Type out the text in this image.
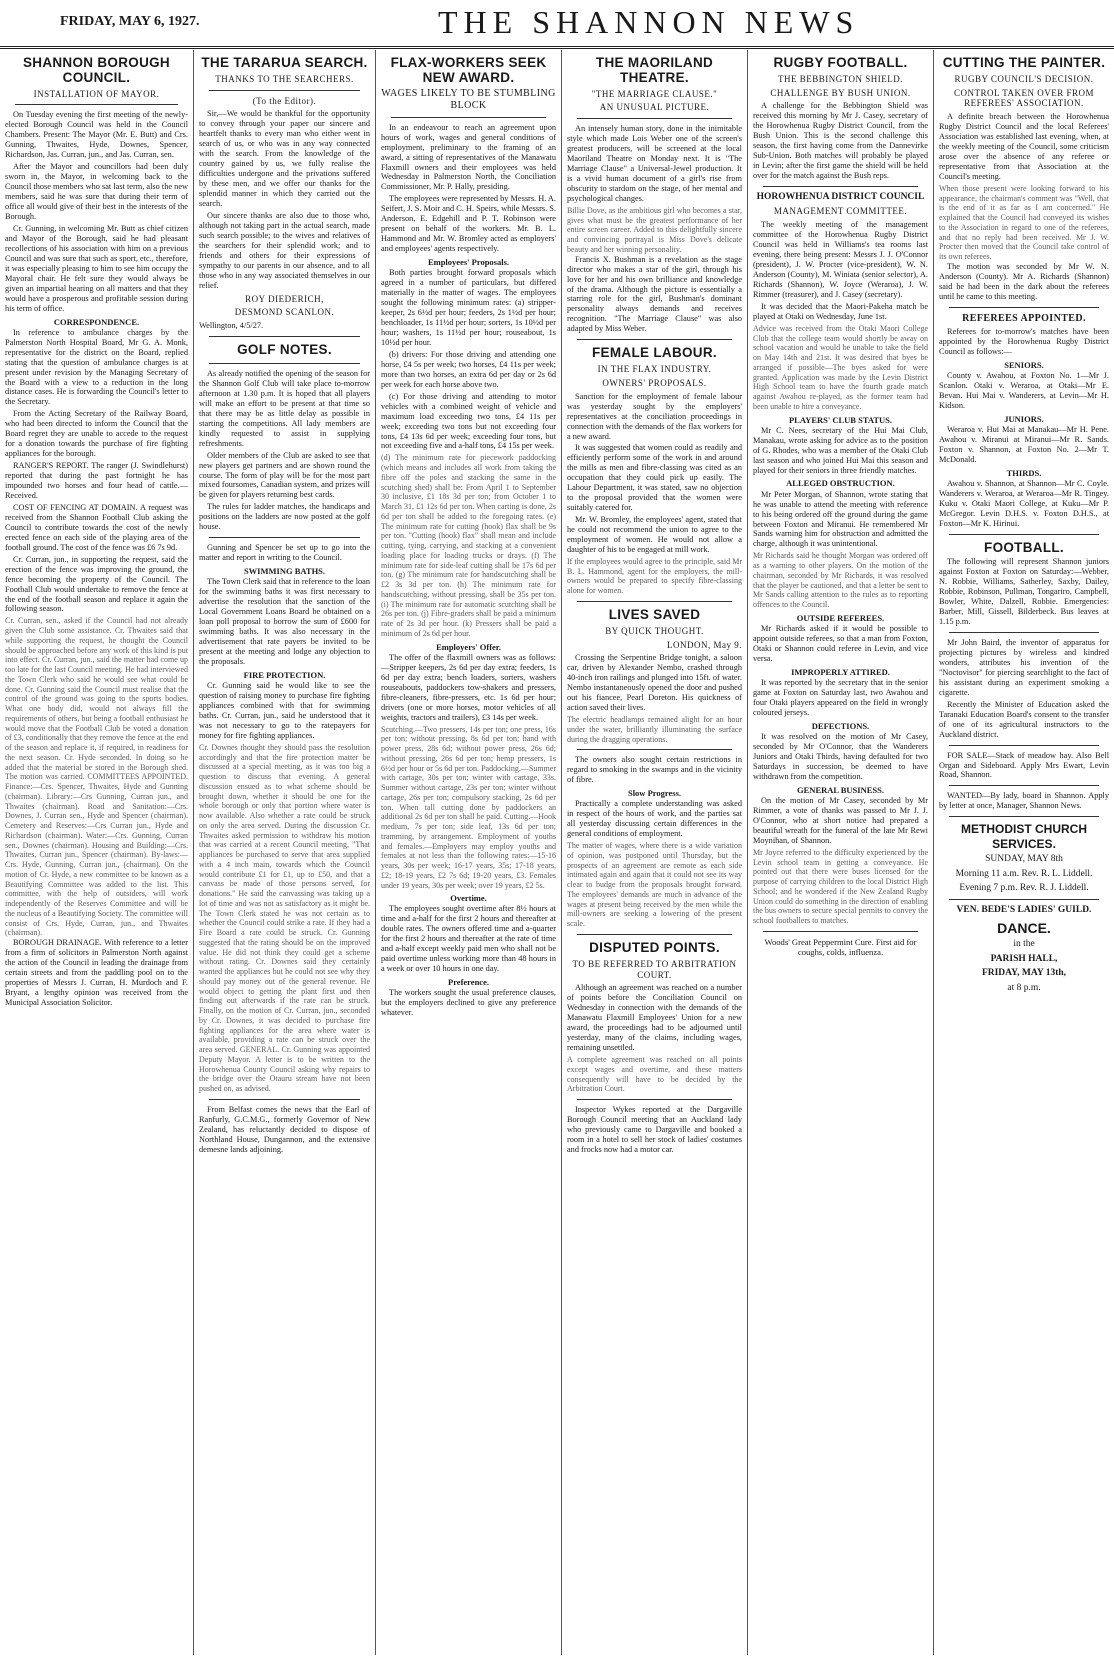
FRIDAY, MAY 6, 1927.	THE SHANNON NEWS
SHANNON BOROUGH COUNCIL.
INSTALLATION OF MAYOR.

On Tuesday evening the first meeting of the newly-elected Borough Council was held in the Council Chambers. Present: The Mayor (Mr. E. Butt) and Crs. Gunning, Thwaites, Hyde, Downes, Spencer, Richardson, Jas. Curran, jun., and Jas. Curran, sen.

After the Mayor and councillors had been duly sworn in, the Mayor, in welcoming back to the Council those members who sat last term, also the new members, said he was sure that during their term of office all would give of their best in the interests of the Borough.

Cr. Gunning, in welcoming Mr. Butt as chief citizen and Mayor of the Borough, said he had pleasant recollections of his association with him on a previous Council and was sure that such as sport, etc., therefore, it was especially pleasing to him to see him occupy the Mayoral chair. He felt sure they would always be given an impartial hearing on all matters and that they would have a prosperous and profitable session during his term of office.

CORRESPONDENCE.

In reference to ambulance charges by the Palmerston North Hospital Board, Mr G. A. Monk, representative for the district on the Board, replied stating that the question of ambulance charges is at present under revision by the Managing Secretary of the Board with a view to a reduction in the long distance cases. He is forwarding the Council's letter to the Secretary.

From the Acting Secretary of the Railway Board, who had been directed to inform the Council that the Board regret they are unable to accede to the request for a donation towards the purchase of fire fighting appliances for the borough.

RANGER'S REPORT. The ranger (J. Swindlehurst) reported that during the past fortnight he has impounded two horses and four head of cattle.—Received.

COST OF FENCING AT DOMAIN. A request was received from the Shannon Football Club asking the Council to contribute towards the cost of the newly erected fence on each side of the playing area of the football ground. The cost of the fence was £6 7s 9d.

Cr. Curran, jun., in supporting the request, said the erection of the fence was improving the ground, the fence becoming the property of the Council. The Football Club would undertake to remove the fence at the end of the football season and replace it again the following season.

Cr. Curran, sen., asked if the Council had not already given the Club some assistance. Cr. Thwaites said that while supporting the request, he thought the Council should be approached before any work of this kind is put into effect. Cr. Curran, jun., said the matter had come up too late for the last Council meeting. He had interviewed the Town Clerk who said he would see what could be done. Cr. Gunning said the Council must realise that the control of the ground was going to the sports bodies. What one body did, would not always fill the requirements of others, but being a football enthusiast he would move that the Football Club be voted a donation of £3, conditionally that they remove the fence at the end of the season and replace it, if required, in readiness for the next season. Cr. Hyde seconded. In doing so he added that the material be stored in the Borough shed. The motion was carried. COMMITTEES APPOINTED. Finance:—Crs. Spencer, Thwaites, Hyde and Gunning (chairman). Library:—Crs Gunning, Curran jun., and Thwaites (chairman). Road and Sanitation:—Crs. Downes, J. Curran sen., Hyde and Spencer (chairman). Cemetery and Reserves:—Crs Curran jun., Hyde and Richardson (chairman). Water:—Crs. Gunning, Curran sen., Downes (chairman). Housing and Building:—Crs. Thwaites, Curran jun., Spencer (chairman). By-laws:—Crs. Hyde, Gunning, Curran jun., (chairman). On the motion of Cr. Hyde, a new committee to be known as a Beautifying Committee was added to the list. This committee, with the help of outsiders, will work independently of the Reserves Committee and will be the nucleus of a Beautifying Society. The committee will consist of Crs. Hyde, Curran, jun., and Thwaites (chairman).

BOROUGH DRAINAGE. With reference to a letter from a firm of solicitors in Palmerston North against the action of the Council in leading the drainage from certain streets and from the paddling pool on to the properties of Messrs J. Curran, H. Murdoch and F. Bryant, a lengthy opinion was received from the Municipal Association Solicitor.

THE TARARUA SEARCH.
THANKS TO THE SEARCHERS.
(To the Editor).

Sir,—We would be thankful for the opportunity to convey through your paper our sincere and heartfelt thanks to every man who either went in search of us, or who was in any way connected with the search. From the knowledge of the country gained by us, we fully realise the difficulties undergone and the privations suffered by these men, and we offer our thanks for the splendid manner in which they carried out the search.

Our sincere thanks are also due to those who, although not taking part in the actual search, made such search possible; to the wives and relatives of the searchers for their splendid work; and to friends and others for their expressions of sympathy to our parents in our absence, and to all those who in any way associated themselves in our relief.

ROY DIEDERICH,
DESMOND SCANLON.
Wellington, 4/5/27.
GOLF NOTES.

As already notified the opening of the season for the Shannon Golf Club will take place to-morrow afternoon at 1.30 p.m. It is hoped that all players will make an effort to be present at that time so that there may be as little delay as possible in starting the competitions. All lady members are kindly requested to assist in supplying refreshments.

Older members of the Club are asked to see that new players get partners and are shown round the course. The form of play will be for the most part mixed foursomes, Canadian system, and prizes will be given for players returning best cards.

The rules for ladder matches, the handicaps and positions on the ladders are now posted at the golf house.

Gunning and Spencer be set up to go into the matter and report in writing to the Council.

SWIMMING BATHS.

The Town Clerk said that in reference to the loan for the swimming baths it was first necessary to advertise the resolution that the sanction of the Local Government Loans Board be obtained on a loan poll proposal to borrow the sum of £600 for swimming baths. It was also necessary in the advertisement that rate payers be invited to be present at the meeting and lodge any objection to the proposals.

FIRE PROTECTION.

Cr. Gunning said he would like to see the question of raising money to purchase fire fighting appliances combined with that for swimming baths. Cr. Curran, jun., said he understood that it was not necessary to go to the ratepayers for money for fire fighting appliances.

Cr. Downes thought they should pass the resolution accordingly and that the fire protection matter be discussed at a special meeting, as it was too big a question to discuss that evening. A general discussion ensued as to what scheme should be brought down, whether it should be one for the whole borough or only that portion where water is now available. Also whether a rate could be struck on only the area served. During the discussion Cr. Thwaites asked permission to withdraw his motion that was carried at a recent Council meeting, "That appliances be purchased to serve that area supplied with a 4 inch main, towards which the Council would contribute £1 for £1, up to £50, and that a canvass be made of those persons served, for donations." He said the canvassing was taking up a lot of time and was not as satisfactory as it might be. The Town Clerk stated he was not certain as to whether the Council could strike a rate. If they had a Fire Board a rate could be struck. Cr. Gunning suggested that the rating should be on the improved value. He did not think they could get a scheme without rating. Cr. Downes said they certainly wanted the appliances but he could not see why they should pay money out of the general revenue. He would object to getting the plant first and then finding out afterwards if the rate can be struck. Finally, on the motion of Cr. Curran, jun., seconded by Cr. Downes, it was decided to purchase fire fighting appliances for the area where water is available, providing a rate can be struck over the area served. GENERAL. Cr. Gunning was appointed Deputy Mayor. A letter is to be written to the Horowhenua County Council asking why repairs to the bridge over the Otauru stream have not been pushed on, as advised.

From Belfast comes the news that the Earl of Ranfurly, G.C.M.G., formerly Governor of New Zealand, has reluctantly decided to dispose of Northland House, Dungannon, and the extensive demesne lands adjoining.

FLAX-WORKERS SEEK NEW AWARD.
WAGES LIKELY TO BE STUMBLING BLOCK

In an endeavour to reach an agreement upon hours of work, wages and general conditions of employment, preliminary to the framing of an award, a sitting of representatives of the Manawatu Flaxmill owners and their employees was held Wednesday in Palmerston North, the Conciliation Commissioner, Mr. P. Hally, presiding.

The employees were represented by Messrs. H. A. Seifert, J. S. Moir and C. H. Speirs, while Messrs. S. Anderson, E. Edgehill and P. T. Robinson were present on behalf of the workers. Mr. B. L. Hammond and Mr. W. Bromley acted as employers' and employees' agents respectively.

Employees' Proposals.

Both parties brought forward proposals which agreed in a number of particulars, but differed materially in the matter of wages. The employees sought the following minimum rates: (a) stripper-keeper, 2s 6½d per hour; feeders, 2s 1½d per hour; benchloader, 1s 11½d per hour; sorters, 1s 10½d per hour; washers, 1s 11½d per hour; rouseabout, 1s 10½d per hour.

(b) drivers: For those driving and attending one horse, £4 5s per week; two horses, £4 11s per week; more than two horses, an extra 6d per day or 2s 6d per week for each horse above two.

(c) For those driving and attending to motor vehicles with a combined weight of vehicle and maximum load exceeding two tons, £4 11s per week; exceeding two tons but not exceeding four tons, £4 13s 6d per week; exceeding four tons, but not exceeding five and a-half tons, £4 15s per week.

(d) The minimum rate for piecework paddocking (which means and includes all work from taking the fibre off the poles and stacking the same in the scutching shed) shall be: From April 1 to September 30 inclusive, £1 18s 3d per ton; from October 1 to March 31, £1 12s 6d per ton. When carting is done, 2s 6d per ton shall be added to the foregoing rates. (e) The minimum rate for cutting (hook) flax shall be 9s per ton. "Cutting (hook) flax" shall mean and include cutting, tying, carrying, and stacking at a convenient loading place for loading trucks or drays. (f) The minimum rate for side-leaf cutting shall be 17s 6d per ton. (g) The minimum rate for handscutching shall be £2 3s 3d per ton. (h) The minimum rate for handscutching, without pressing, shall be 35s per ton. (i) The minimum rate for automatic scutching shall be 26s per ton. (j) Fibre-graders shall be paid a minimum rate of 2s 3d per hour. (k) Pressers shall be paid a minimum of 2s 6d per hour.
Employers' Offer.

The offer of the flaxmill owners was as follows:—Stripper keepers, 2s 6d per day extra; feeders, 1s 6d per day extra; bench loaders, sorters, washers rouseabouts, paddockers tow-shakers and pressers, fibre-cleaners, fibre-pressers, etc. 1s 6d per hour; drivers (one or more horses, motor vehicles of all weights, tractors and trailers), £3 14s per week.

Scutching.—Two pressers, 14s per ton; one press, 16s per ton; without pressing, 8s 6d per ton; hand with power press, 28s 6d; without power press, 26s 6d; without pressing, 26s 6d per ton; hemp pressers, 1s 6½d per hour or 5s 6d per ton. Paddocking.—Summer with cartage, 30s per ton; winter with cartage, 33s. Summer without cartage, 23s per ton; winter without cartage, 26s per ton; compulsory stacking, 2s 6d per ton. When tall cutting done by paddockers an additional 2s 6d per ton shall be paid. Cutting.—Hook medium, 7s per ton; side leaf, 13s 6d per ton; tramming, by arrangement. Employment of youths and females.—Employers may employ youths and females at not less than the following rates:—15-16 years, 30s per week; 16-17 years, 35s; 17-18 years, £2; 18-19 years, £2 7s 6d; 19-20 years, £3. Females under 19 years, 30s per week; over 19 years, £2 5s.
Overtime.

The employees sought overtime after 8½ hours at time and a-half for the first 2 hours and thereafter at double rates. The owners offered time and a-quarter for the first 2 hours and thereafter at the rate of time and a-half except weekly paid men who shall not be paid overtime unless working more than 48 hours in a week or over 10 hours in one day.

Preference.

The workers sought the usual preference clauses, but the employers declined to give any preference whatever.

THE MAORILAND THEATRE.
"THE MARRIAGE CLAUSE."
AN UNUSUAL PICTURE.

An intensely human story, done in the inimitable style which made Lois Weber one of the screen's greatest producers, will be screened at the local Maoriland Theatre on Monday next. It is "The Marriage Clause" a Universal-Jewel production. It is a vivid human document of a girl's rise from obscurity to stardom on the stage, of her mental and psychological changes.

Billie Dove, as the ambitious girl who becomes a star, gives what must be the greatest performance of her entire screen career. Added to this delightfully sincere and convincing portrayal is Miss Dove's delicate beauty and her winning personality.

Francis X. Bushman is a revelation as the stage director who makes a star of the girl, through his love for her and his own brilliance and knowledge of the drama. Although the picture is essentially a starring role for the girl, Bushman's dominant personality always demands and receives recognition. "The Marriage Clause" was also adapted by Miss Weber.

FEMALE LABOUR.
IN THE FLAX INDUSTRY.
OWNERS' PROPOSALS.

Sanction for the employment of female labour was yesterday sought by the employers' representatives at the conciliation proceedings in connection with the demands of the flax workers for a new award.

It was suggested that women could as readily and efficiently perform some of the work in and around the mills as men and fibre-classing was cited as an occupation that they could pick up easily. The Labour Department, it was stated, saw no objection to the proposal provided that the women were suitably catered for.

Mr. W. Bromley, the employees' agent, stated that he could not recommend the union to agree to the employment of women. He would not allow a daughter of his to be engaged at mill work.

If the employees would agree to the principle, said Mr B. L. Hammond, agent for the employers, the mill-owners would be prepared to specify fibre-classing alone for women.
LIVES SAVED
BY QUICK THOUGHT.
LONDON, May 9.

Crossing the Serpentine Bridge tonight, a saloon car, driven by Alexander Nembo, crashed through 40-inch iron railings and plunged into 15ft. of water. Nembo instantaneously opened the door and pushed out his fiancee, Pearl Doreton. His quickness of action saved their lives.

The electric headlamps remained alight for an hour under the water, brilliantly illuminating the surface during the dragging operations.

The owners also sought certain restrictions in regard to smoking in the swamps and in the vicinity of fibre.

Slow Progress.

Practically a complete understanding was asked in respect of the hours of work, and the parties sat all yesterday discussing certain differences in the general conditions of employment.

The matter of wages, where there is a wide variation of opinion, was postponed until Thursday, but the prospects of an agreement are remote as each side intimated again and again that it could not see its way clear to budge from the proposals brought forward. The employees' demands are much in advance of the wages at present being received by the men while the mill-owners are seeking a lowering of the present scale.
DISPUTED POINTS.
TO BE REFERRED TO ARBITRATION COURT.

Although an agreement was reached on a number of points before the Conciliation Council on Wednesday in connection with the demands of the Manawatu Flaxmill Employees' Union for a new award, the proceedings had to be adjourned until yesterday, many of the claims, including wages, remaining unsettled.

A complete agreement was reached on all points except wages and overtime, and these matters consequently will have to be decided by the Arbitration Court.

Inspector Wykes reported at the Dargaville Borough Council meeting that an Auckland lady who previously came to Dargaville and booked a room in a hotel to sell her stock of ladies' costumes and frocks now had a motor car.

RUGBY FOOTBALL.
THE BEBBINGTON SHIELD.
CHALLENGE BY BUSH UNION.

A challenge for the Bebbington Shield was received this morning by Mr J. Casey, secretary of the Horowhenua Rugby District Council, from the Bush Union. This is the second challenge this season, the first having come from the Dannevirke Sub-Union. Both matches will probably be played in Levin; after the first game the shield will be held over for the match against the Bush reps.

HOROWHENUA DISTRICT COUNCIL
MANAGEMENT COMMITTEE.

The weekly meeting of the management committee of the Horowhenua Rugby District Council was held in Williams's tea rooms last evening, there being present: Messrs J. J. O'Connor (president), J. W. Procter (vice-president), W. N. Anderson (County), M. Winiata (senior selector), A. Richards (Shannon), W. Joyce (Weraroa), J. W. Rimmer (treasurer), and J. Casey (secretary).

It was decided that the Maori-Pakeha match be played at Otaki on Wednesday, June 1st.

Advice was received from the Otaki Maori College Club that the college team would shortly be away on school vacation and would be unable to take the field on May 14th and 21st. It was desired that byes be arranged if possible—The byes asked for were granted. Application was made by the Levin District High School team to have the fourth grade match against Awahou re-played, as the former team had been unable to hire a conveyance.
PLAYERS' CLUB STATUS.

Mr C. Nees, secretary of the Hui Mai Club, Manakau, wrote asking for advice as to the position of G. Rhodes, who was a member of the Otaki Club last season and who joined Hui Mai this season and played for their seniors in three friendly matches.

ALLEGED OBSTRUCTION.

Mr Peter Morgan, of Shannon, wrote stating that he was unable to attend the meeting with reference to his being ordered off the ground during the game between Foxton and Miranui. He remembered Mr Sands warning him for obstruction and admitted the charge, although it was unintentional.

Mr Richards said he thought Morgan was ordered off as a warning to other players. On the motion of the chairman, seconded by Mr Richards, it was resolved that the player be cautioned, and that a letter be sent to Mr Sands calling attention to the rules as to reporting offences to the Council.
OUTSIDE REFEREES.

Mr Richards asked if it would be possible to appoint outside referees, so that a man from Foxton, Otaki or Shannon could referee in Levin, and vice versa.

IMPROPERLY ATTIRED.

It was reported by the secretary that in the senior game at Foxton on Saturday last, two Awahou and four Otaki players appeared on the field in wrongly coloured jerseys.

DEFECTIONS.

It was resolved on the motion of Mr Casey, seconded by Mr O'Connor, that the Wanderers Juniors and Otaki Thirds, having defaulted for two Saturdays in succession, be deemed to have withdrawn from the competition.

GENERAL BUSINESS.

On the motion of Mr Casey, seconded by Mr Rimmer, a vote of thanks was passed to Mr J. J. O'Connor, who at short notice had prepared a beautiful wreath for the funeral of the late Mr Rewi Moynihan, of Shannon.

Mr Joyce referred to the difficulty experienced by the Levin school team in getting a conveyance. He pointed out that there were buses licensed for the purpose of carrying children to the local District High School; and he wondered if the New Zealand Rugby Union could do something in the direction of enabling the bus owners to secure special permits to convey the school footballers to matches.
Woods' Great Peppermint Cure. First aid for coughs, colds, influenza.
CUTTING THE PAINTER.
RUGBY COUNCIL'S DECISION.
CONTROL TAKEN OVER FROM REFEREES' ASSOCIATION.

A definite breach between the Horowhenua Rugby District Council and the local Referees' Association was established last evening, when, at the weekly meeting of the Council, some criticism arose over the absence of any referee or representative from that Association at the Council's meeting.

When those present were looking forward to his appearance, the chairman's comment was "Well, that is the end of it as far as I am concerned." He explained that the Council had conveyed its wishes to the Association in regard to one of the referees, and that no reply had been received. Mr J. W. Procter then moved that the Council take control of its own referees.

The motion was seconded by Mr W. N. Anderson (County). Mr A. Richards (Shannon) said he had been in the dark about the referees until he came to this meeting.

REFEREES APPOINTED.

Referees for to-morrow's matches have been appointed by the Horowhenua Rugby District Council as follows:—

SENIORS.

County v. Awahou, at Foxton No. 1—Mr J. Scanlon. Otaki v. Weraroa, at Otaki—Mr E. Bevan. Hui Mai v. Wanderers, at Levin—Mr H. Kidson.

JUNIORS.

Weraroa v. Hui Mai at Manakau—Mr H. Pene. Awahou v. Miranui at Miranui—Mr R. Sands. Foxton v. Shannon, at Foxton No. 2—Mr T. McDonald.

THIRDS.

Awahou v. Shannon, at Shannon—Mr C. Coyle. Wanderers v. Weraroa, at Weraroa—Mr R. Tingey. Kuku v. Otaki Maori College, at Kuku—Mr P. McGregor. Levin D.H.S. v. Foxton D.H.S., at Foxton—Mr K. Hirinui.

FOOTBALL.

The following will represent Shannon juniors against Foxton at Foxton on Saturday:—Webber, N. Robbie, Williams, Satherley, Saxby, Dailey, Robbie, Robinson, Pullman, Tongariro, Campbell, Bowler, White, Dalzell, Robbie. Emergencies: Barber, Mill, Gissell, Bilderbeck. Bus leaves at 1.15 p.m.

Mr John Baird, the inventor of apparatus for projecting pictures by wireless and kindred wonders, attributes his invention of the "Noctovisor" for piercing searchlight to the fact of his assistant during an experiment smoking a cigarette.

Recently the Minister of Education asked the Taranaki Education Board's consent to the transfer of one of its agricultural instructors to the Auckland district.

FOR SALE—Stack of meadow hay. Also Bell Organ and Sideboard. Apply Mrs Ewart, Levin Road, Shannon.

WANTED—By lady, board in Shannon. Apply by letter at once, Manager, Shannon News.

METHODIST CHURCH SERVICES.
SUNDAY, MAY 8th
Morning 11 a.m. Rev. R. L. Liddell.
Evening 7 p.m. Rev. R. J. Liddell.
VEN. BEDE'S LADIES' GUILD.
DANCE.
in the
PARISH HALL,
FRIDAY, MAY 13th,
at 8 p.m.
